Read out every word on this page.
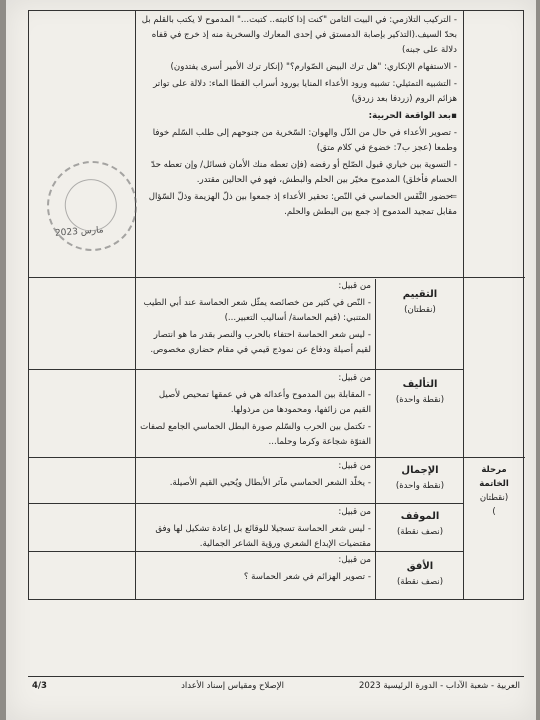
-التركيب التلازمي: في البيت الثامن "كنت إذا كاتبته.. كتبت..." المدموح لا يكتب بالقلم بل بحدّ السيف.(التذكير بإصابة الدمستق في إحدى المعارك والسخرية منه إذ خرج في قفاه دلالة على جبنه)

-الاستفهام الإنكاري: "هل ترك البيض الصّوارم؟" (إنكار ترك الأمير أسرى يفتدون)

-التشبيه التمثيلي: تشبيه ورود الأعداء المنايا بورود أسراب القطا الماء: دلالة على تواتر هزائم الروم (زردفا بعد زردق)

▪بعد الواقعة الحربية:

-تصوير الأعداء في حال من الذّل والهوان: السّخرية من جنوحهم إلى طلب السّلم خوفا وطمعا (عجز ب7: خضوع في كلام متق)

-التسوية بين خياري قبول الصّلح أو رفضه (فإن تعطه منك الأمان فسائل/ وإن تعطه حدّ الحسام فأخلق) المدموح مخيّر بين الحلم والبطش، فهو في الحالين مقتدر.

⇐حضور النَّفَس الحماسي في النّص: تحقير الأعداء إذ جمعوا بين ذلّ الهزيمة وذلّ السّؤال مقابل تمجيد المدموح إذ جمع بين البطش والحلم.

2023 مارس
التقييم
(نقطتان)

من قبيل:

-النّص في كثير من خصائصه يمثّل شعر الحماسة عند أبي الطيب المتنبي: (قيم الحماسة/ أساليب التعبير...)

-ليس شعر الحماسة احتفاء بالحرب والنصر بقدر ما هو انتصار لقيم أصيلة ودفاع عن نموذج قيمي في مقام حضاري مخصوص.

التأليف
(نقطة واحدة)

من قبيل:

-المقابلة بين المدموح وأعدائه هي في عمقها تمحيص لأصيل القيم من زائفها، ومحمودها من مرذولها.

-تكتمل بين الحرب والسّلم صورة البطل الحماسي الجامع لصفات الفتوّة شجاعة وكرما وحلما...

مرحلة
الخاتمة
(نقطتان
)
الإجمال
(نقطة واحدة)

من قبيل:

-يخلّد الشعر الحماسي مآثر الأبطال ويُحيي القيم الأصيلة.

الموقف
(نصف نقطة)

من قبيل:

-ليس شعر الحماسة تسجيلا للوقائع بل إعادة تشكيل لها وفق مقتضيات الإبداع الشعري ورؤية الشاعر الجمالية.

الأفق
(نصف نقطة)

من قبيل:

-تصوير الهزائم في شعر الحماسة ؟

العربية - شعبة الآداب - الدورة الرئيسية 2023
الإصلاح ومقياس إسناد الأعداد
4/3
